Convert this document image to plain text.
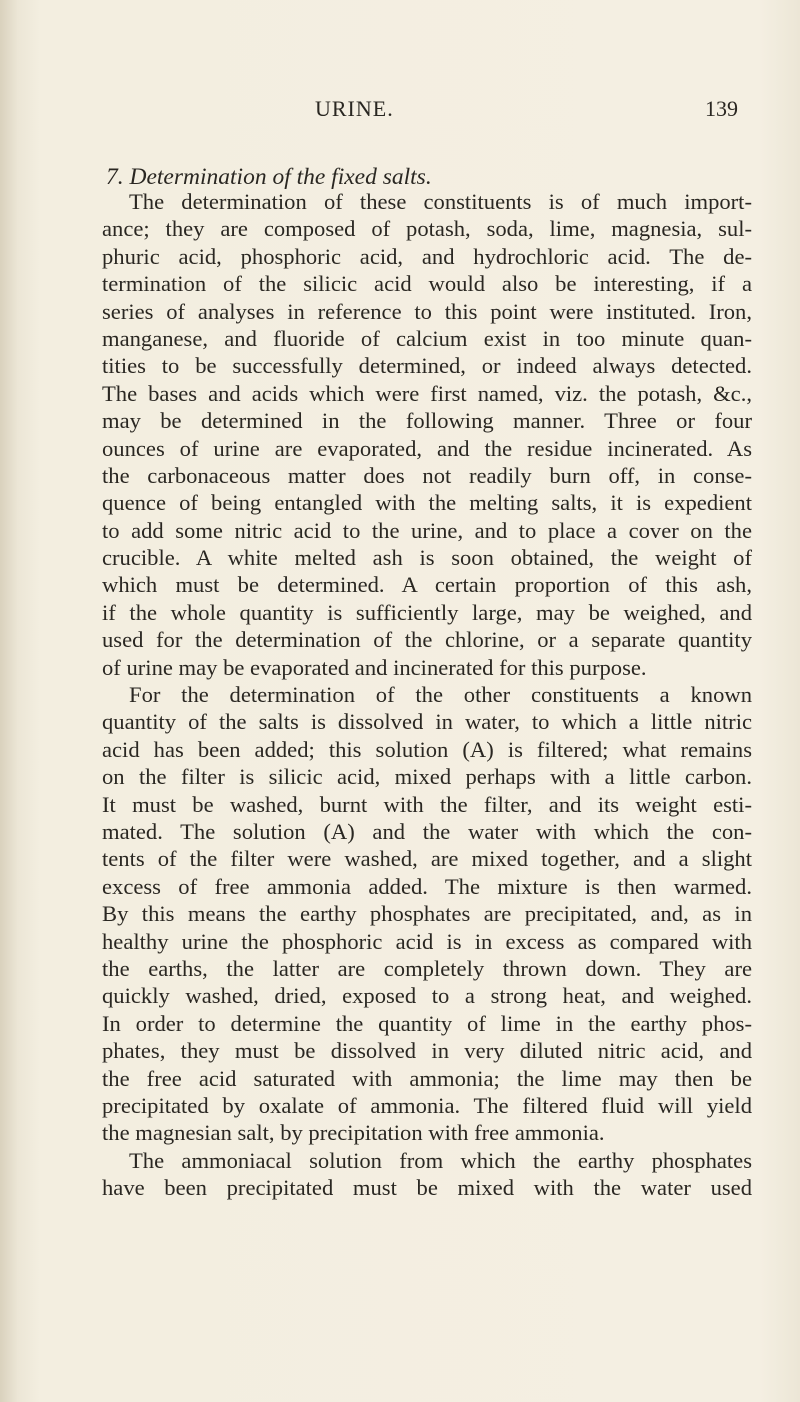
URINE.	139
7. Determination of the fixed salts.
The determination of these constituents is of much import-
ance; they are composed of potash, soda, lime, magnesia, sul-
phuric acid, phosphoric acid, and hydrochloric acid. The de-
termination of the silicic acid would also be interesting, if a
series of analyses in reference to this point were instituted. Iron,
manganese, and fluoride of calcium exist in too minute quan-
tities to be successfully determined, or indeed always detected.
The bases and acids which were first named, viz. the potash, &c.,
may be determined in the following manner. Three or four
ounces of urine are evaporated, and the residue incinerated. As
the carbonaceous matter does not readily burn off, in conse-
quence of being entangled with the melting salts, it is expedient
to add some nitric acid to the urine, and to place a cover on the
crucible. A white melted ash is soon obtained, the weight of
which must be determined. A certain proportion of this ash,
if the whole quantity is sufficiently large, may be weighed, and
used for the determination of the chlorine, or a separate quantity
of urine may be evaporated and incinerated for this purpose.
For the determination of the other constituents a known
quantity of the salts is dissolved in water, to which a little nitric
acid has been added; this solution (A) is filtered; what remains
on the filter is silicic acid, mixed perhaps with a little carbon.
It must be washed, burnt with the filter, and its weight esti-
mated. The solution (A) and the water with which the con-
tents of the filter were washed, are mixed together, and a slight
excess of free ammonia added. The mixture is then warmed.
By this means the earthy phosphates are precipitated, and, as in
healthy urine the phosphoric acid is in excess as compared with
the earths, the latter are completely thrown down. They are
quickly washed, dried, exposed to a strong heat, and weighed.
In order to determine the quantity of lime in the earthy phos-
phates, they must be dissolved in very diluted nitric acid, and
the free acid saturated with ammonia; the lime may then be
precipitated by oxalate of ammonia. The filtered fluid will yield
the magnesian salt, by precipitation with free ammonia.
The ammoniacal solution from which the earthy phosphates
have been precipitated must be mixed with the water used
